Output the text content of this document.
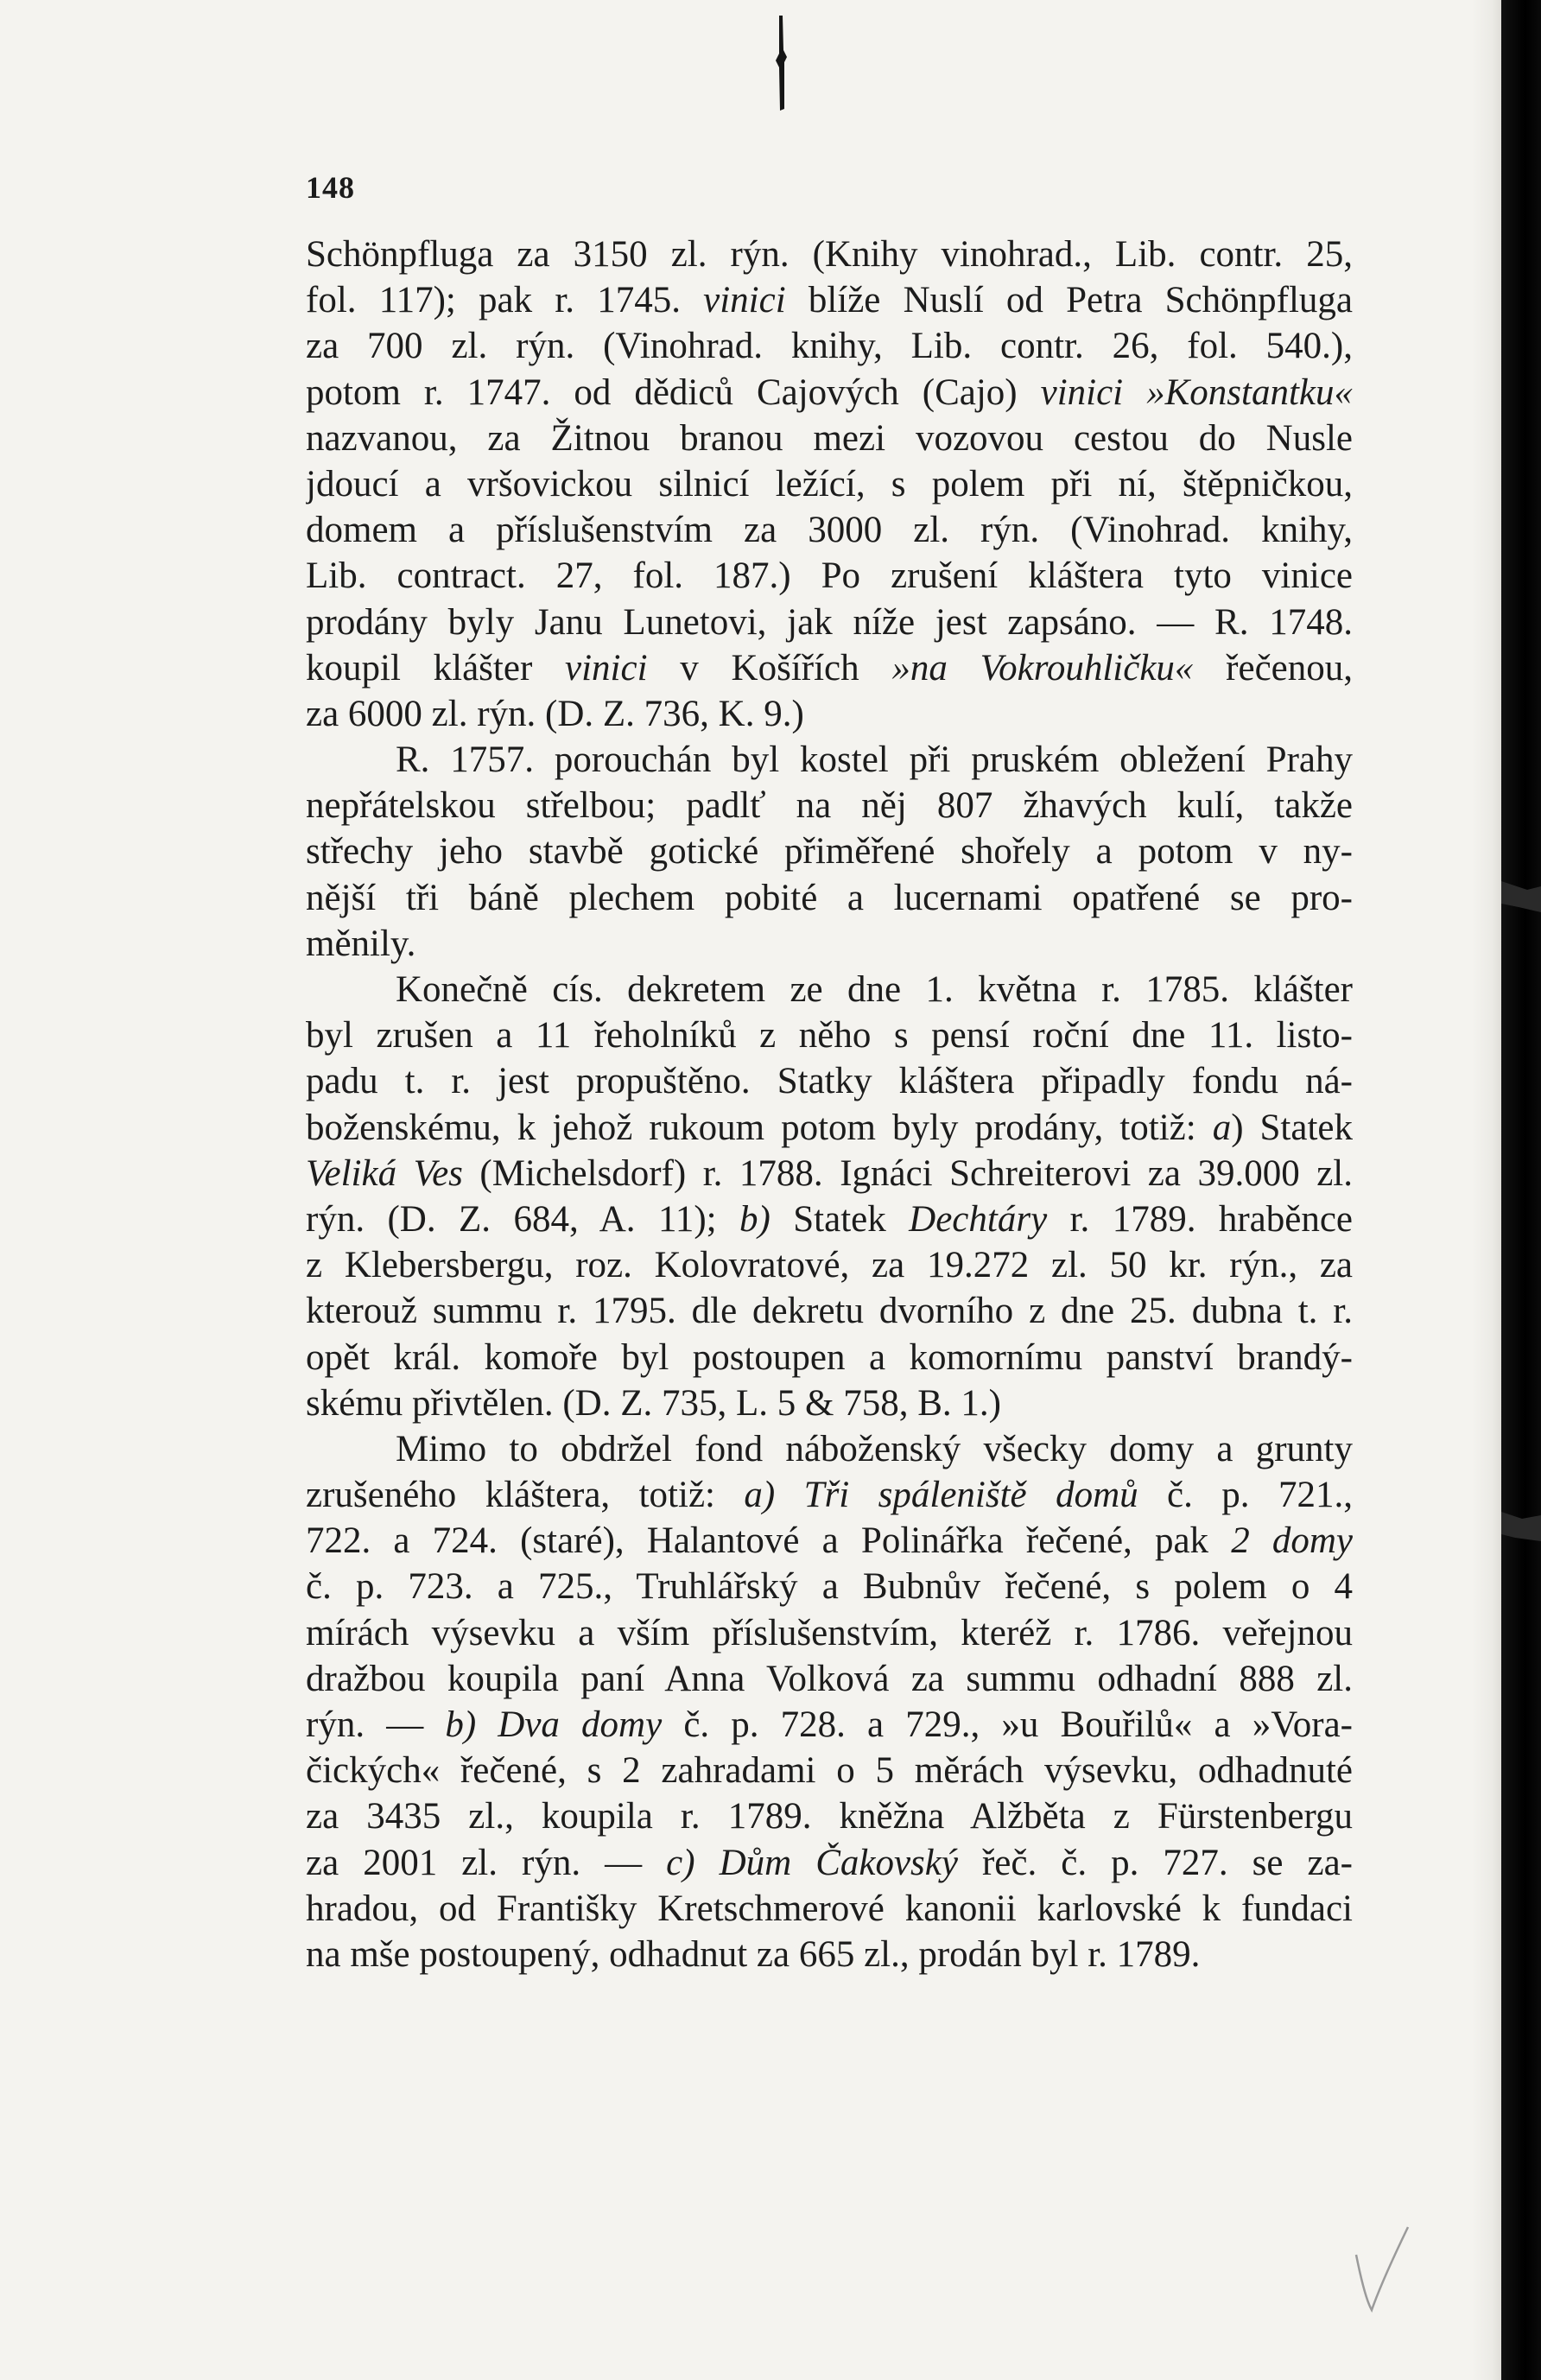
148
Schönpfluga za 3150 zl. rýn. (Knihy vinohrad., Lib. contr. 25,
fol. 117); pak r. 1745. vinici blíže Nuslí od Petra Schönpfluga
za 700 zl. rýn. (Vinohrad. knihy, Lib. contr. 26, fol. 540.),
potom r. 1747. od dědiců Cajových (Cajo) vinici »Konstantku«
nazvanou, za Žitnou branou mezi vozovou cestou do Nusle
jdoucí a vršovickou silnicí ležící, s polem při ní, štěpničkou,
domem a příslušenstvím za 3000 zl. rýn. (Vinohrad. knihy,
Lib. contract. 27, fol. 187.) Po zrušení kláštera tyto vinice
prodány byly Janu Lunetovi, jak níže jest zapsáno. — R. 1748.
koupil klášter vinici v Košířích »na Vokrouhličku« řečenou,
za 6000 zl. rýn. (D. Z. 736, K. 9.)
R. 1757. porouchán byl kostel při pruském obležení Prahy
nepřátelskou střelbou; padlť na něj 807 žhavých kulí, takže
střechy jeho stavbě gotické přiměřené shořely a potom v ny-
nější tři báně plechem pobité a lucernami opatřené se pro-
měnily.
Konečně cís. dekretem ze dne 1. května r. 1785. klášter
byl zrušen a 11 řeholníků z něho s pensí roční dne 11. listo-
padu t. r. jest propuštěno. Statky kláštera připadly fondu ná-
boženskému, k jehož rukoum potom byly prodány, totiž: a) Statek
Veliká Ves (Michelsdorf) r. 1788. Ignáci Schreiterovi za 39.000 zl.
rýn. (D. Z. 684, A. 11); b) Statek Dechtáry r. 1789. hraběnce
z Klebersbergu, roz. Kolovratové, za 19.272 zl. 50 kr. rýn., za
kterouž summu r. 1795. dle dekretu dvorního z dne 25. dubna t. r.
opět král. komoře byl postoupen a komornímu panství brandý-
skému přivtělen. (D. Z. 735, L. 5 & 758, B. 1.)
Mimo to obdržel fond náboženský všecky domy a grunty
zrušeného kláštera, totiž: a) Tři spáleniště domů č. p. 721.,
722. a 724. (staré), Halantové a Polinářka řečené, pak 2 domy
č. p. 723. a 725., Truhlářský a Bubnův řečené, s polem o 4
mírách výsevku a vším příslušenstvím, kteréž r. 1786. veřejnou
dražbou koupila paní Anna Volková za summu odhadní 888 zl.
rýn. — b) Dva domy č. p. 728. a 729., »u Bouřilů« a »Vora-
čických« řečené, s 2 zahradami o 5 měrách výsevku, odhadnuté
za 3435 zl., koupila r. 1789. kněžna Alžběta z Fürstenbergu
za 2001 zl. rýn. — c) Dům Čakovský řeč. č. p. 727. se za-
hradou, od Františky Kretschmerové kanonii karlovské k fundaci
na mše postoupený, odhadnut za 665 zl., prodán byl r. 1789.
